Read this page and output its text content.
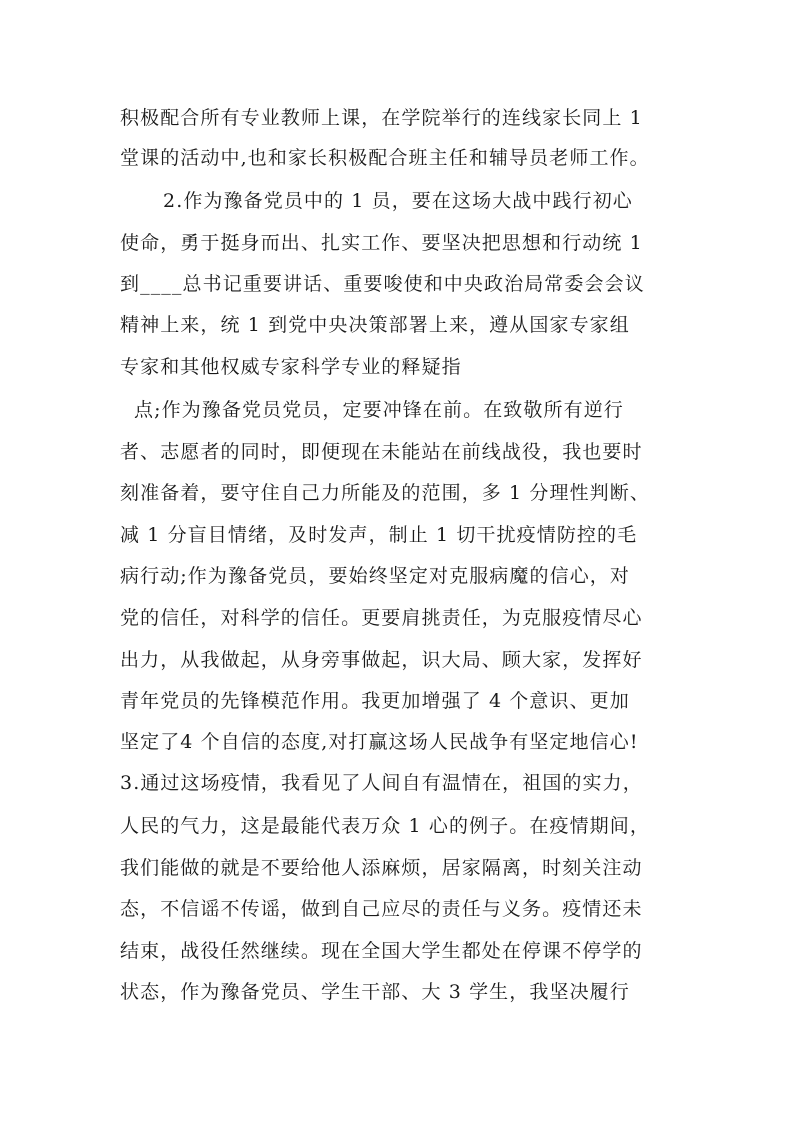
积极配合所有专业教师上课，在学院举行的连线家长同上 1
堂课的活动中,也和家长积极配合班主任和辅导员老师工作。
2.作为豫备党员中的 1 员，要在这场大战中践行初心
使命，勇于挺身而出、扎实工作、要坚决把思想和行动统 1
到____总书记重要讲话、重要唆使和中央政治局常委会会议
精神上来，统 1 到党中央决策部署上来，遵从国家专家组
专家和其他权威专家科学专业的释疑指
点;作为豫备党员党员，定要冲锋在前。在致敬所有逆行
者、志愿者的同时，即便现在未能站在前线战役，我也要时
刻准备着，要守住自己力所能及的范围，多 1 分理性判断、
减 1 分盲目情绪，及时发声，制止 1 切干扰疫情防控的毛
病行动;作为豫备党员，要始终坚定对克服病魔的信心，对
党的信任，对科学的信任。更要肩挑责任，为克服疫情尽心
出力，从我做起，从身旁事做起，识大局、顾大家，发挥好
青年党员的先锋模范作用。我更加增强了 4 个意识、更加
坚定了4 个自信的态度,对打赢这场人民战争有坚定地信心!
3.通过这场疫情，我看见了人间自有温情在，祖国的实力，
人民的气力，这是最能代表万众 1 心的例子。在疫情期间，
我们能做的就是不要给他人添麻烦，居家隔离，时刻关注动
态，不信谣不传谣，做到自己应尽的责任与义务。疫情还未
结束，战役任然继续。现在全国大学生都处在停课不停学的
状态，作为豫备党员、学生干部、大 3 学生，我坚决履行
